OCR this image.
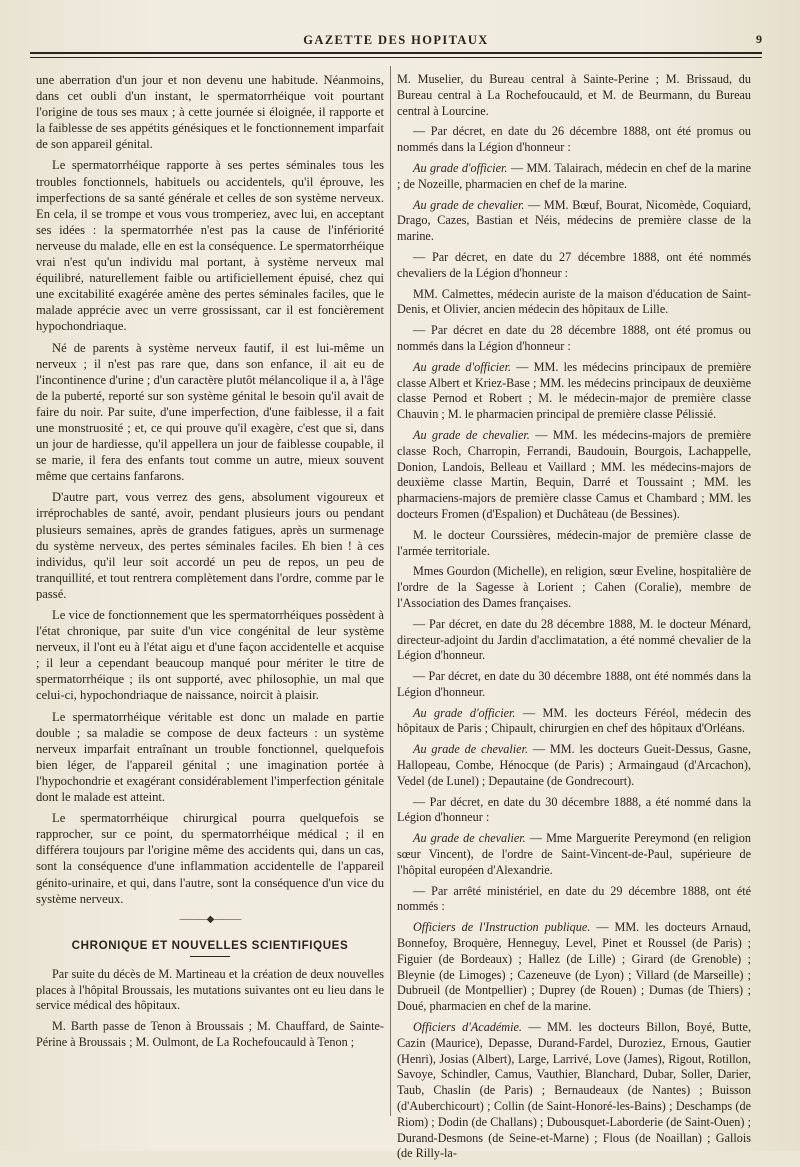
GAZETTE DES HOPITAUX	9

une aberration d'un jour et non devenu une habitude. Néanmoins, dans cet oubli d'un instant, le spermatorrhéique voit pourtant l'origine de tous ses maux ; à cette journée si éloignée, il rapporte et la faiblesse de ses appétits génésiques et le fonctionnement imparfait de son appareil génital.

Le spermatorrhéique rapporte à ses pertes séminales tous les troubles fonctionnels, habituels ou accidentels, qu'il éprouve, les imperfections de sa santé générale et celles de son système nerveux. En cela, il se trompe et vous vous tromperiez, avec lui, en acceptant ses idées : la spermatorrhée n'est pas la cause de l'infériorité nerveuse du malade, elle en est la conséquence. Le spermatorrhéique vrai n'est qu'un individu mal portant, à système nerveux mal équilibré, naturellement faible ou artificiellement épuisé, chez qui une excitabilité exagérée amène des pertes séminales faciles, que le malade apprécie avec un verre grossissant, car il est foncièrement hypochondriaque.

Né de parents à système nerveux fautif, il est lui-même un nerveux ; il n'est pas rare que, dans son enfance, il ait eu de l'incontinence d'urine ; d'un caractère plutôt mélancolique il a, à l'âge de la puberté, reporté sur son système génital le besoin qu'il avait de faire du noir. Par suite, d'une imperfection, d'une faiblesse, il a fait une monstruosité ; et, ce qui prouve qu'il exagère, c'est que si, dans un jour de hardiesse, qu'il appellera un jour de faiblesse coupable, il se marie, il fera des enfants tout comme un autre, mieux souvent même que certains fanfarons.

D'autre part, vous verrez des gens, absolument vigoureux et irréprochables de santé, avoir, pendant plusieurs jours ou pendant plusieurs semaines, après de grandes fatigues, après un surmenage du système nerveux, des pertes séminales faciles. Eh bien ! à ces individus, qu'il leur soit accordé un peu de repos, un peu de tranquillité, et tout rentrera complètement dans l'ordre, comme par le passé.

Le vice de fonctionnement que les spermatorrhéiques possèdent à l'état chronique, par suite d'un vice congénital de leur système nerveux, il l'ont eu à l'état aigu et d'une façon accidentelle et acquise ; il leur a cependant beaucoup manqué pour mériter le titre de spermatorrhéique ; ils ont supporté, avec philosophie, un mal que celui-ci, hypochondriaque de naissance, noircit à plaisir.

Le spermatorrhéique véritable est donc un malade en partie double ; sa maladie se compose de deux facteurs : un système nerveux imparfait entraînant un trouble fonctionnel, quelquefois bien léger, de l'appareil génital ; une imagination portée à l'hypochondrie et exagérant considérablement l'imperfection génitale dont le malade est atteint.

Le spermatorrhéique chirurgical pourra quelquefois se rapprocher, sur ce point, du spermatorrhéique médical ; il en différera toujours par l'origine même des accidents qui, dans un cas, sont la conséquence d'une inflammation accidentelle de l'appareil génito-urinaire, et qui, dans l'autre, sont la conséquence d'un vice du système nerveux.

———◆———
CHRONIQUE ET NOUVELLES SCIENTIFIQUES

Par suite du décès de M. Martineau et la création de deux nouvelles places à l'hôpital Broussais, les mutations suivantes ont eu lieu dans le service médical des hôpitaux.

M. Barth passe de Tenon à Broussais ; M. Chauffard, de Sainte-Périne à Broussais ; M. Oulmont, de La Rochefoucauld à Tenon ;

M. Muselier, du Bureau central à Sainte-Perine ; M. Brissaud, du Bureau central à La Rochefoucauld, et M. de Beurmann, du Bureau central à Lourcine.

— Par décret, en date du 26 décembre 1888, ont été promus ou nommés dans la Légion d'honneur :

Au grade d'officier. — MM. Talairach, médecin en chef de la marine ; de Nozeille, pharmacien en chef de la marine.

Au grade de chevalier. — MM. Bœuf, Bourat, Nicomède, Coquiard, Drago, Cazes, Bastian et Néis, médecins de première classe de la marine.

— Par décret, en date du 27 décembre 1888, ont été nommés chevaliers de la Légion d'honneur :

MM. Calmettes, médecin auriste de la maison d'éducation de Saint-Denis, et Olivier, ancien médecin des hôpitaux de Lille.

— Par décret en date du 28 décembre 1888, ont été promus ou nommés dans la Légion d'honneur :

Au grade d'officier. — MM. les médecins principaux de première classe Albert et Kriez-Base ; MM. les médecins principaux de deuxième classe Pernod et Robert ; M. le médecin-major de première classe Chauvin ; M. le pharmacien principal de première classe Pélissié.

Au grade de chevalier. — MM. les médecins-majors de première classe Roch, Charropin, Ferrandi, Baudouin, Bourgois, Lachappelle, Donion, Landois, Belleau et Vaillard ; MM. les médecins-majors de deuxième classe Martin, Bequin, Darré et Toussaint ; MM. les pharmaciens-majors de première classe Camus et Chambard ; MM. les docteurs Fromen (d'Espalion) et Duchâteau (de Bessines).

M. le docteur Courssières, médecin-major de première classe de l'armée territoriale.

Mmes Gourdon (Michelle), en religion, sœur Eveline, hospitalière de l'ordre de la Sagesse à Lorient ; Cahen (Coralie), membre de l'Association des Dames françaises.

— Par décret, en date du 28 décembre 1888, M. le docteur Ménard, directeur-adjoint du Jardin d'acclimatation, a été nommé chevalier de la Légion d'honneur.

— Par décret, en date du 30 décembre 1888, ont été nommés dans la Légion d'honneur.

Au grade d'officier. — MM. les docteurs Féréol, médecin des hôpitaux de Paris ; Chipault, chirurgien en chef des hôpitaux d'Orléans.

Au grade de chevalier. — MM. les docteurs Gueit-Dessus, Gasne, Hallopeau, Combe, Hénocque (de Paris) ; Armaingaud (d'Arcachon), Vedel (de Lunel) ; Depautaine (de Gondrecourt).

— Par décret, en date du 30 décembre 1888, a été nommé dans la Légion d'honneur :

Au grade de chevalier. — Mme Marguerite Pereymond (en religion sœur Vincent), de l'ordre de Saint-Vincent-de-Paul, supérieure de l'hôpital européen d'Alexandrie.

— Par arrêté ministériel, en date du 29 décembre 1888, ont été nommés :

Officiers de l'Instruction publique. — MM. les docteurs Arnaud, Bonnefoy, Broquère, Henneguy, Level, Pinet et Roussel (de Paris) ; Figuier (de Bordeaux) ; Hallez (de Lille) ; Girard (de Grenoble) ; Bleynie (de Limoges) ; Cazeneuve (de Lyon) ; Villard (de Marseille) ; Dubrueil (de Montpellier) ; Duprey (de Rouen) ; Dumas (de Thiers) ; Doué, pharmacien en chef de la marine.

Officiers d'Académie. — MM. les docteurs Billon, Boyé, Butte, Cazin (Maurice), Depasse, Durand-Fardel, Duroziez, Ernous, Gautier (Henri), Josias (Albert), Large, Larrivé, Love (James), Rigout, Rotillon, Savoye, Schindler, Camus, Vauthier, Blanchard, Dubar, Soller, Darier, Taub, Chaslin (de Paris) ; Bernaudeaux (de Nantes) ; Buisson (d'Auberchicourt) ; Collin (de Saint-Honoré-les-Bains) ; Deschamps (de Riom) ; Dodin (de Challans) ; Dubousquet-Laborderie (de Saint-Ouen) ; Durand-Desmons (de Seine-et-Marne) ; Flous (de Noaillan) ; Gallois (de Rilly-la-
